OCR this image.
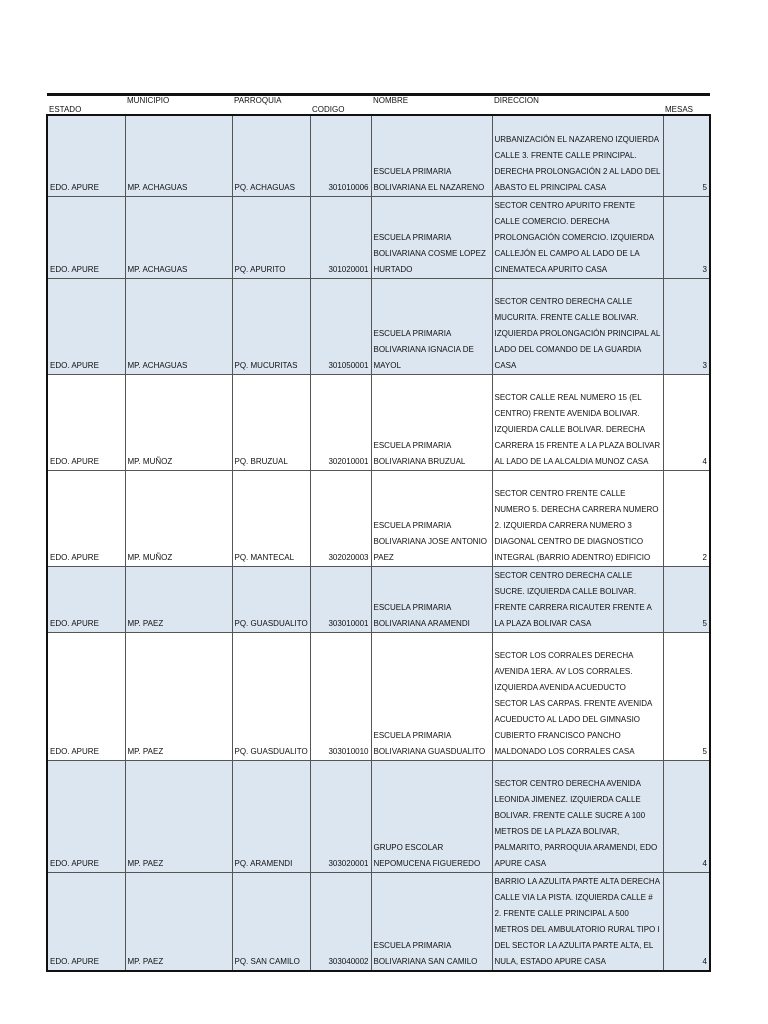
ESTADO	MUNICIPIO	PARROQUIA	CODIGO	NOMBRE	DIRECCION	MESAS
EDO. APURE	MP. ACHAGUAS	PQ. ACHAGUAS	301010006	ESCUELA PRIMARIA BOLIVARIANA EL NAZARENO	URBANIZACIÓN EL NAZARENO IZQUIERDA CALLE 3. FRENTE CALLE PRINCIPAL. DERECHA PROLONGACIÓN 2 AL LADO DEL ABASTO EL PRINCIPAL CASA	5
EDO. APURE	MP. ACHAGUAS	PQ. APURITO	301020001	ESCUELA PRIMARIA BOLIVARIANA COSME LOPEZ HURTADO	SECTOR CENTRO APURITO FRENTE CALLE COMERCIO. DERECHA PROLONGACIÓN COMERCIO. IZQUIERDA CALLEJÓN EL CAMPO AL LADO DE LA CINEMATECA APURITO CASA	3
EDO. APURE	MP. ACHAGUAS	PQ. MUCURITAS	301050001	ESCUELA PRIMARIA BOLIVARIANA IGNACIA DE MAYOL	SECTOR CENTRO DERECHA CALLE MUCURITA. FRENTE CALLE BOLIVAR. IZQUIERDA PROLONGACIÓN PRINCIPAL AL LADO DEL COMANDO DE LA GUARDIA CASA	3
EDO. APURE	MP. MUÑOZ	PQ. BRUZUAL	302010001	ESCUELA PRIMARIA BOLIVARIANA BRUZUAL	SECTOR CALLE REAL NUMERO 15 (EL CENTRO) FRENTE AVENIDA BOLIVAR. IZQUIERDA CALLE BOLIVAR. DERECHA CARRERA 15 FRENTE A LA PLAZA BOLIVAR AL LADO DE LA ALCALDIA MUNOZ CASA	4
EDO. APURE	MP. MUÑOZ	PQ. MANTECAL	302020003	ESCUELA PRIMARIA BOLIVARIANA JOSE ANTONIO PAEZ	SECTOR CENTRO FRENTE CALLE NUMERO 5. DERECHA CARRERA NUMERO 2. IZQUIERDA CARRERA NUMERO 3 DIAGONAL CENTRO DE DIAGNOSTICO INTEGRAL (BARRIO ADENTRO) EDIFICIO	2
EDO. APURE	MP. PAEZ	PQ. GUASDUALITO	303010001	ESCUELA PRIMARIA BOLIVARIANA ARAMENDI	SECTOR CENTRO DERECHA CALLE SUCRE. IZQUIERDA CALLE BOLIVAR. FRENTE CARRERA RICAUTER FRENTE A LA PLAZA BOLIVAR CASA	5
EDO. APURE	MP. PAEZ	PQ. GUASDUALITO	303010010	ESCUELA PRIMARIA BOLIVARIANA GUASDUALITO	SECTOR LOS CORRALES DERECHA AVENIDA 1ERA. AV LOS CORRALES. IZQUIERDA AVENIDA ACUEDUCTO SECTOR LAS CARPAS. FRENTE AVENIDA ACUEDUCTO AL LADO DEL GIMNASIO CUBIERTO FRANCISCO PANCHO MALDONADO LOS CORRALES CASA	5
EDO. APURE	MP. PAEZ	PQ. ARAMENDI	303020001	GRUPO ESCOLAR NEPOMUCENA FIGUEREDO	SECTOR CENTRO DERECHA AVENIDA LEONIDA JIMENEZ. IZQUIERDA CALLE BOLIVAR. FRENTE CALLE SUCRE A 100 METROS DE LA PLAZA BOLIVAR, PALMARITO, PARROQUIA ARAMENDI, EDO APURE CASA	4
EDO. APURE	MP. PAEZ	PQ. SAN CAMILO	303040002	ESCUELA PRIMARIA BOLIVARIANA SAN CAMILO	BARRIO LA AZULITA PARTE ALTA DERECHA CALLE VIA LA PISTA. IZQUIERDA CALLE # 2. FRENTE CALLE PRINCIPAL A 500 METROS DEL AMBULATORIO RURAL TIPO I DEL SECTOR LA AZULITA PARTE ALTA, EL NULA, ESTADO APURE CASA	4
